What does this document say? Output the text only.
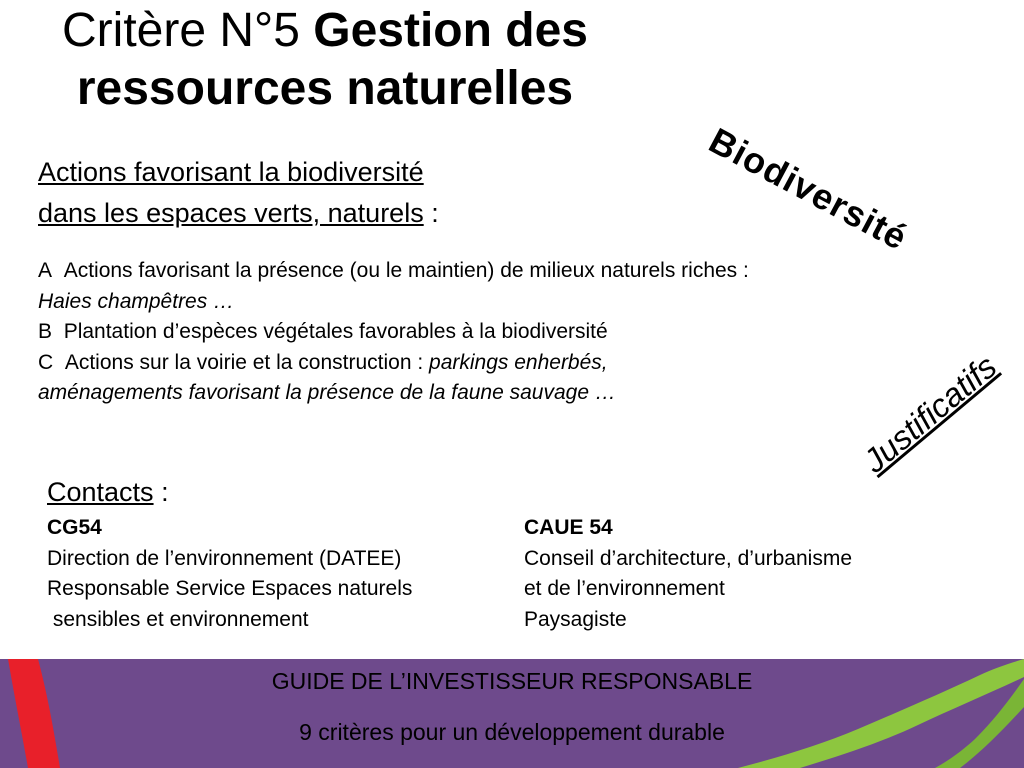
Critère N°5 Gestion des
ressources naturelles
Biodiversité
Actions favorisant la biodiversité
dans les espaces verts, naturels :
A Actions favorisant la présence (ou le maintien) de milieux naturels riches : Haies champêtres …
B Plantation d’espèces végétales favorables à la biodiversité
C Actions sur la voirie et la construction : parkings enherbés, aménagements favorisant la présence de la faune sauvage …	Justificatifs
Contacts :
CG54
Direction de l’environnement (DATEE)
Responsable Service Espaces naturels
sensibles et environnement
CAUE 54
Conseil d’architecture, d’urbanisme
et de l’environnement
Paysagiste
GUIDE DE L’INVESTISSEUR RESPONSABLE
9 critères pour un développement durable
